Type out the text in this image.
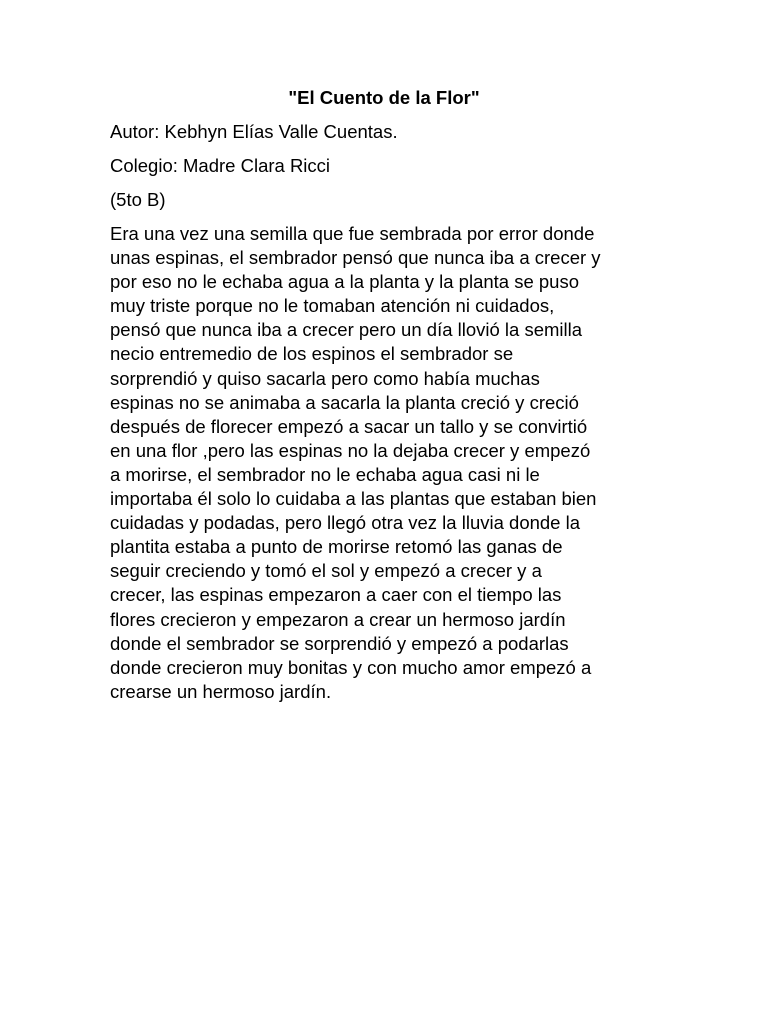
"El Cuento de la Flor"
Autor: Kebhyn Elías Valle Cuentas.
Colegio: Madre Clara Ricci
(5to B)
Era una vez una semilla que fue sembrada por error donde
unas espinas, el sembrador pensó que nunca iba a crecer y
por eso no le echaba agua a la planta y la planta se puso
muy triste porque no le tomaban atención ni cuidados,
pensó que nunca iba a crecer pero un día llovió la semilla
necio entremedio de los espinos el sembrador se
sorprendió y quiso sacarla pero como había muchas
espinas no se animaba a sacarla la planta creció y creció
después de florecer empezó a sacar un tallo y se convirtió
en una flor ,pero las espinas no la dejaba crecer y empezó
a morirse, el sembrador no le echaba agua casi ni le
importaba él solo lo cuidaba a las plantas que estaban bien
cuidadas y podadas, pero llegó otra vez la lluvia donde la
plantita estaba a punto de morirse retomó las ganas de
seguir creciendo y tomó el sol y empezó a crecer y a
crecer, las espinas empezaron a caer con el tiempo las
flores crecieron y empezaron a crear un hermoso jardín
donde el sembrador se sorprendió y empezó a podarlas
donde crecieron muy bonitas y con mucho amor empezó a
crearse un hermoso jardín.
